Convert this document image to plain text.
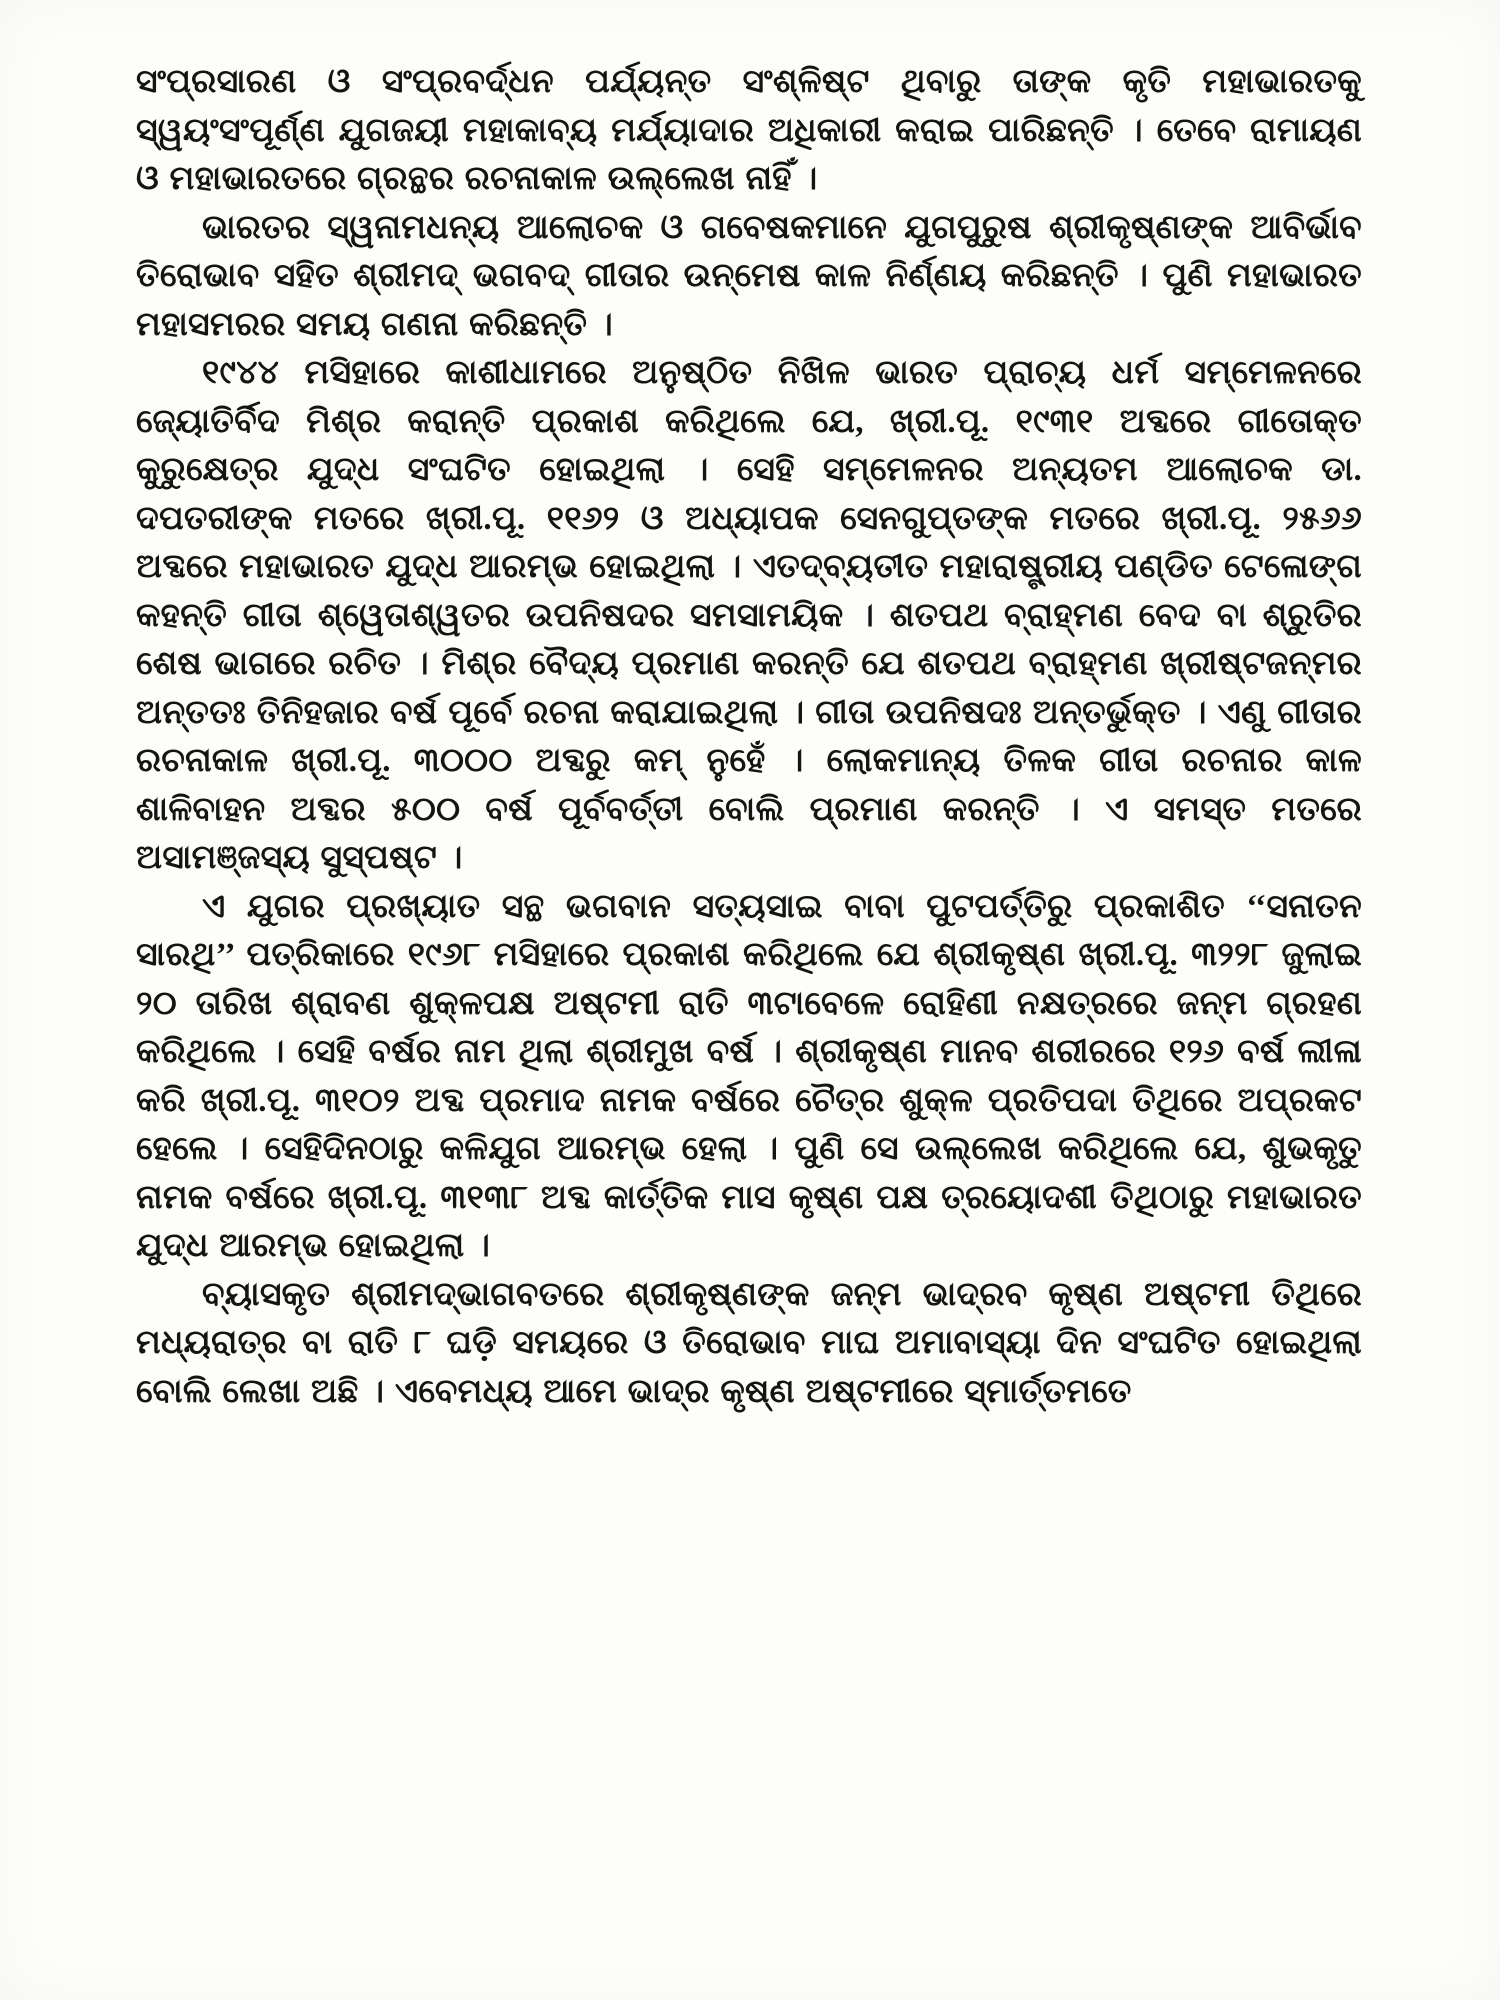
ସଂପ୍ରସାରଣ ଓ ସଂପ୍ରବର୍ଦ୍ଧନ ପର୍ଯ୍ୟନ୍ତ ସଂଶ୍ଳିଷ୍ଟ ଥିବାରୁ ତାଙ୍କ କୃତି ମହାଭାରତକୁ ସ୍ୱୟଂସଂପୂର୍ଣ୍ଣ ଯୁଗଜୟୀ ମହାକାବ୍ୟ ମର୍ଯ୍ୟାଦାର ଅଧିକାରୀ କରାଇ ପାରିଛନ୍ତି । ତେବେ ରାମାୟଣ ଓ ମହାଭାରତରେ ଗ୍ରନ୍ଥର ରଚନାକାଳ ଉଲ୍ଲେଖ ନାହିଁ ।

ଭାରତର ସ୍ୱନାମଧନ୍ୟ ଆଲୋଚକ ଓ ଗବେଷକମାନେ ଯୁଗପୁରୁଷ ଶ୍ରୀକୃଷ୍ଣଙ୍କ ଆବିର୍ଭାବ ତିରୋଭାବ ସହିତ ଶ୍ରୀମଦ୍ ଭଗବଦ୍ ଗୀତାର ଉନ୍ମେଷ କାଳ ନିର୍ଣ୍ଣୟ କରିଛନ୍ତି । ପୁଣି ମହାଭାରତ ମହାସମରର ସମୟ ଗଣନା କରିଛନ୍ତି ।

୧୯୪୪ ମସିହାରେ କାଶୀଧାମରେ ଅନୁଷ୍ଠିତ ନିଖିଳ ଭାରତ ପ୍ରାଚ୍ୟ ଧର୍ମ ସମ୍ମେଳନରେ ଜ୍ୟୋତିର୍ବିଦ ମିଶ୍ର କରାନ୍ତି ପ୍ରକାଶ କରିଥିଲେ ଯେ, ଖ୍ରୀ.ପୂ. ୧୯୩୧ ଅବ୍ଦରେ ଗୀତୋକ୍ତ କୁରୁକ୍ଷେତ୍ର ଯୁଦ୍ଧ ସଂଘଟିତ ହୋଇଥିଲା । ସେହି ସମ୍ମେଳନର ଅନ୍ୟତମ ଆଲୋଚକ ଡା. ଦପତରୀଙ୍କ ମତରେ ଖ୍ରୀ.ପୂ. ୧୧୬୨ ଓ ଅଧ୍ୟାପକ ସେନଗୁପ୍ତଙ୍କ ମତରେ ଖ୍ରୀ.ପୂ. ୨୫୬୬ ଅବ୍ଦରେ ମହାଭାରତ ଯୁଦ୍ଧ ଆରମ୍ଭ ହୋଇଥିଲା । ଏତଦ୍‌ବ୍ୟତୀତ ମହାରାଷ୍ଟ୍ରୀୟ ପଣ୍ଡିତ ଟେଳୋଙ୍ଗ କହନ୍ତି ଗୀତା ଶ୍ୱେତାଶ୍ୱତର ଉପନିଷଦର ସମସାମୟିକ । ଶତପଥ ବ୍ରାହ୍ମଣ ବେଦ ବା ଶ୍ରୁତିର ଶେଷ ଭାଗରେ ରଚିତ । ମିଶ୍ର ବୈଦ୍ୟ ପ୍ରମାଣ କରନ୍ତି ଯେ ଶତପଥ ବ୍ରାହ୍ମଣ ଖ୍ରୀଷ୍ଟଜନ୍ମର ଅନ୍ତତଃ ତିନିହଜାର ବର୍ଷ ପୂର୍ବେ ରଚନା କରାଯାଇଥିଲା । ଗୀତା ଉପନିଷଦଃ ଅନ୍ତର୍ଭୁକ୍ତ । ଏଣୁ ଗୀତାର ରଚନାକାଳ ଖ୍ରୀ.ପୂ. ୩୦୦୦ ଅବ୍ଦରୁ କମ୍ ନୁହେଁ । ଲୋକମାନ୍ୟ ତିଳକ ଗୀତା ରଚନାର କାଳ ଶାଳିବାହନ ଅବ୍ଦର ୫୦୦ ବର୍ଷ ପୂର୍ବବର୍ତ୍ତୀ ବୋଲି ପ୍ରମାଣ କରନ୍ତି । ଏ ସମସ୍ତ ମତରେ ଅସାମଞ୍ଜସ୍ୟ ସୁସ୍ପଷ୍ଟ ।

ଏ ଯୁଗର ପ୍ରଖ୍ୟାତ ସନ୍ଥ ଭଗବାନ ସତ୍ୟସାଇ ବାବା ପୁଟପର୍ତ୍ତିରୁ ପ୍ରକାଶିତ ‘‘ସନାତନ ସାରଥି’’ ପତ୍ରିକାରେ ୧୯୬୮ ମସିହାରେ ପ୍ରକାଶ କରିଥିଲେ ଯେ ଶ୍ରୀକୃଷ୍ଣ ଖ୍ରୀ.ପୂ. ୩୨୨୮ ଜୁଲାଇ ୨୦ ତାରିଖ ଶ୍ରାବଣ ଶୁକ୍ଳପକ୍ଷ ଅଷ୍ଟମୀ ରାତି ୩ଟାବେଳେ ରୋହିଣୀ ନକ୍ଷତ୍ରରେ ଜନ୍ମ ଗ୍ରହଣ କରିଥିଲେ । ସେହି ବର୍ଷର ନାମ ଥିଲା ଶ୍ରୀମୁଖ ବର୍ଷ । ଶ୍ରୀକୃଷ୍ଣ ମାନବ ଶରୀରରେ ୧୨୬ ବର୍ଷ ଲୀଳା କରି ଖ୍ରୀ.ପୂ. ୩୧୦୨ ଅବ୍ଦ ପ୍ରମାଦ ନାମକ ବର୍ଷରେ ଚୈତ୍ର ଶୁକ୍ଳ ପ୍ରତିପଦା ତିଥିରେ ଅପ୍ରକଟ ହେଲେ । ସେହିଦିନଠାରୁ କଳିଯୁଗ ଆରମ୍ଭ ହେଲା । ପୁଣି ସେ ଉଲ୍ଲେଖ କରିଥିଲେ ଯେ, ଶୁଭକୃତୁ ନାମକ ବର୍ଷରେ ଖ୍ରୀ.ପୂ. ୩୧୩୮ ଅବ୍ଦ କାର୍ତ୍ତିକ ମାସ କୃଷ୍ଣ ପକ୍ଷ ତ୍ରୟୋଦଶୀ ତିଥିଠାରୁ ମହାଭାରତ ଯୁଦ୍ଧ ଆରମ୍ଭ ହୋଇଥିଲା ।

ବ୍ୟାସକୃତ ଶ୍ରୀମଦ୍‌ଭାଗବତରେ ଶ୍ରୀକୃଷ୍ଣଙ୍କ ଜନ୍ମ ଭାଦ୍ରବ କୃଷ୍ଣ ଅଷ୍ଟମୀ ତିଥିରେ ମଧ୍ୟରାତ୍ର ବା ରାତି ୮ ଘଡ଼ି ସମୟରେ ଓ ତିରୋଭାବ ମାଘ ଅମାବାସ୍ୟା ଦିନ ସଂଘଟିତ ହୋଇଥିଲା ବୋଲି ଲେଖା ଅଛି । ଏବେମଧ୍ୟ ଆମେ ଭାଦ୍ର କୃଷ୍ଣ ଅଷ୍ଟମୀରେ ସ୍ମାର୍ତ୍ତମତେ
